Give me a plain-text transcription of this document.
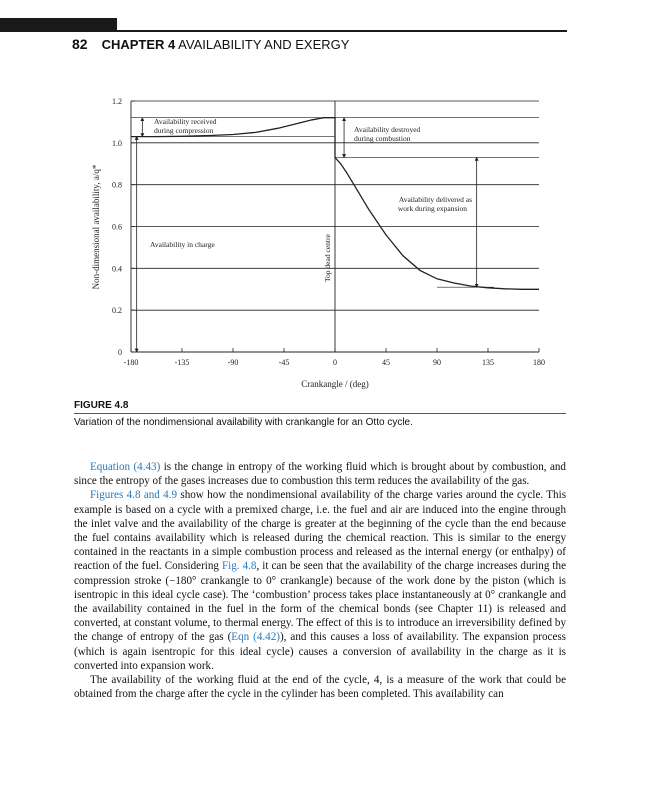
82 CHAPTER 4 AVAILABILITY AND EXERGY
0
0.2
0.4
0.6
0.8
1.0
1.2
-180	-135	-90	-45	0	45	90	135	180
Availability received
during compression	Availability destroyed
during combustion
Availability delivered as
work during expansion
Availability in charge	Top dead centre
Crankangle / (deg)
Non-dimensional availability, a/q*
FIGURE 4.8
Variation of the nondimensional availability with crankangle for an Otto cycle.

Equation (4.43) is the change in entropy of the working fluid which is brought about by combustion, and since the entropy of the gases increases due to combustion this term reduces the availability of the gas.

Figures 4.8 and 4.9 show how the nondimensional availability of the charge varies around the cycle. This example is based on a cycle with a premixed charge, i.e. the fuel and air are induced into the engine through the inlet valve and the availability of the charge is greater at the beginning of the cycle than the end because the fuel contains availability which is released during the chemical reaction. This is similar to the energy contained in the reactants in a simple combustion process and released as the internal energy (or enthalpy) of reaction of the fuel. Considering Fig. 4.8, it can be seen that the availability of the charge increases during the compression stroke (−180° crankangle to 0° crankangle) because of the work done by the piston (which is isentropic in this ideal cycle case). The ‘combustion’ process takes place instantaneously at 0° crankangle and the availability contained in the fuel in the form of the chemical bonds (see Chapter 11) is released and converted, at constant volume, to thermal energy. The effect of this is to introduce an irreversibility defined by the change of entropy of the gas (Eqn (4.42)), and this causes a loss of availability. The expansion process (which is again isentropic for this ideal cycle) causes a conversion of availability in the charge as it is converted into expansion work.

The availability of the working fluid at the end of the cycle, 4, is a measure of the work that could be obtained from the charge after the cycle in the cylinder has been completed. This availability can
